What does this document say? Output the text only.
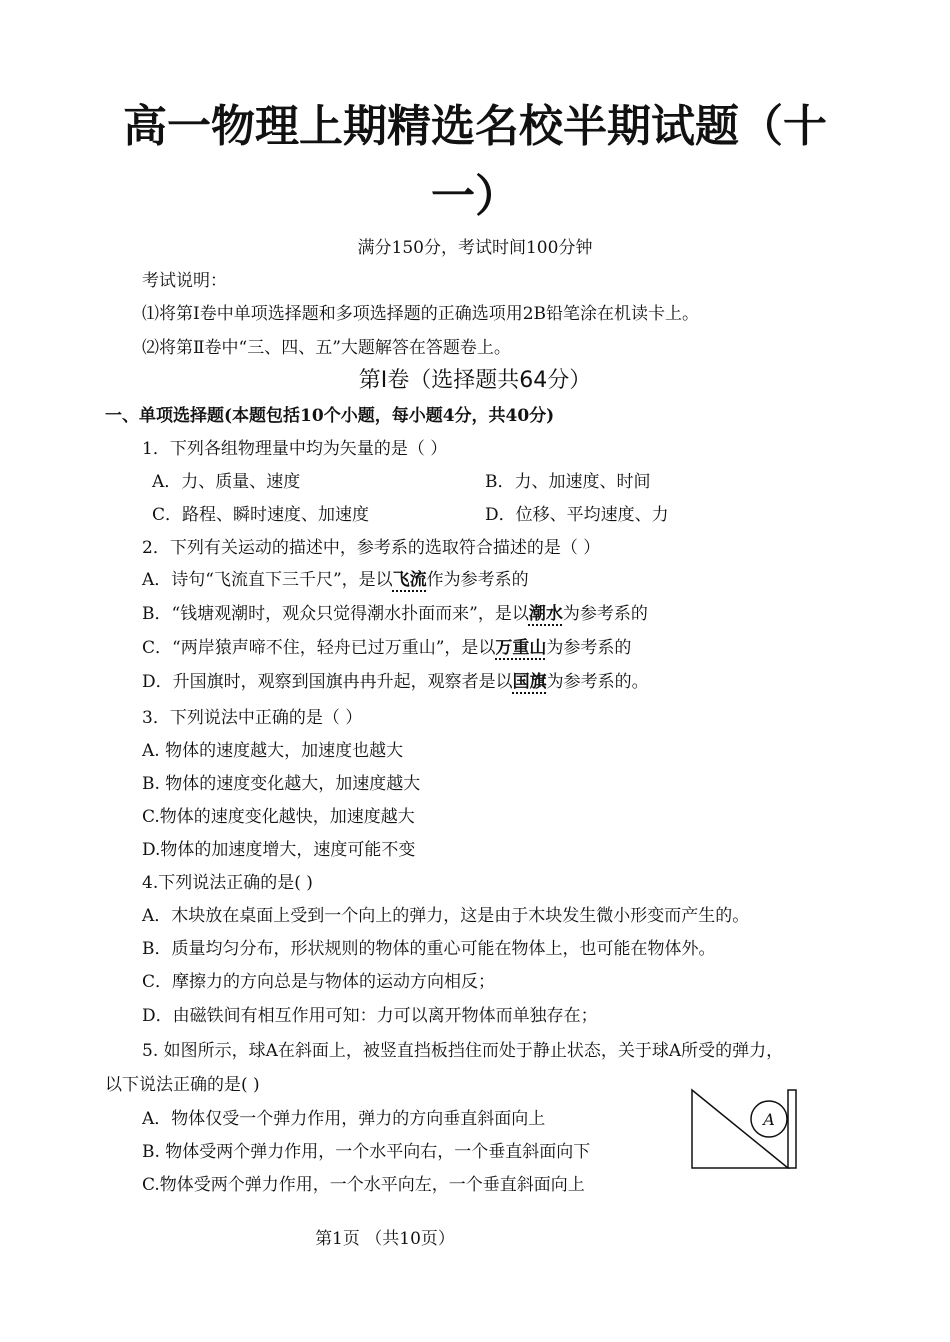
高一物理上期精选名校半期试题（十一）
满分150分，考试时间100分钟
考试说明：
⑴将第Ⅰ卷中单项选择题和多项选择题的正确选项用2B铅笔涂在机读卡上。
⑵将第Ⅱ卷中“三、四、五”大题解答在答题卷上。
第Ⅰ卷（选择题共64分）
一、单项选择题(本题包括10个小题，每小题4分，共40分)
1．下列各组物理量中均为矢量的是（ ）
A．力、质量、速度	B．力、加速度、时间
C．路程、瞬时速度、加速度	D．位移、平均速度、力
2．下列有关运动的描述中，参考系的选取符合描述的是（ ）
A．诗句“飞流直下三千尺”，是以飞流作为参考系的
B．“钱塘观潮时，观众只觉得潮水扑面而来”，是以潮水为参考系的
C．“两岸猿声啼不住，轻舟已过万重山”，是以万重山为参考系的
D．升国旗时，观察到国旗冉冉升起，观察者是以国旗为参考系的。
3．下列说法中正确的是（ ）
A. 物体的速度越大，加速度也越大
B. 物体的速度变化越大，加速度越大
C.物体的速度变化越快，加速度越大
D.物体的加速度增大，速度可能不变
4.下列说法正确的是( )
A．木块放在桌面上受到一个向上的弹力，这是由于木块发生微小形变而产生的。
B．质量均匀分布，形状规则的物体的重心可能在物体上，也可能在物体外。
C．摩擦力的方向总是与物体的运动方向相反；
D．由磁铁间有相互作用可知：力可以离开物体而单独存在；
5. 如图所示，球A在斜面上，被竖直挡板挡住而处于静止状态，关于球A所受的弹力，
以下说法正确的是( )
A．物体仅受一个弹力作用，弹力的方向垂直斜面向上
B. 物体受两个弹力作用，一个水平向右，一个垂直斜面向下
C.物体受两个弹力作用，一个水平向左，一个垂直斜面向上
A
第1页 （共10页）
